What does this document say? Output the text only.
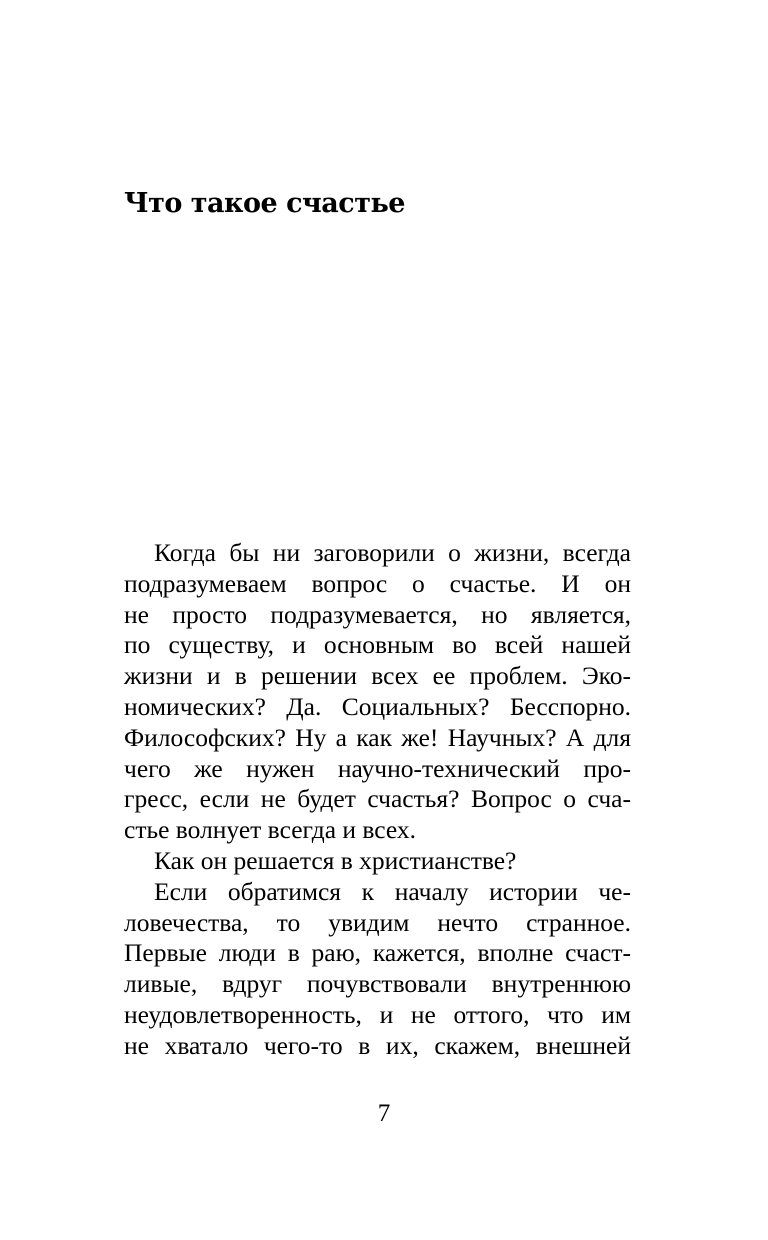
Что такое счастье
Когда бы ни заговорили о жизни, всегда
подразумеваем вопрос о счастье. И он
не просто подразумевается, но является,
по существу, и основным во всей нашей
жизни и в решении всех ее проблем. Эко-
номических? Да. Социальных? Бесспорно.
Философских? Ну а как же! Научных? А для
чего же нужен научно-технический про-
гресс, если не будет счастья? Вопрос о сча-
стье волнует всегда и всех.
Как он решается в христианстве?
Если обратимся к началу истории че-
ловечества, то увидим нечто странное.
Первые люди в раю, кажется, вполне счаст-
ливые, вдруг почувствовали внутреннюю
неудовлетворенность, и не оттого, что им
не хватало чего-то в их, скажем, внешней
7
